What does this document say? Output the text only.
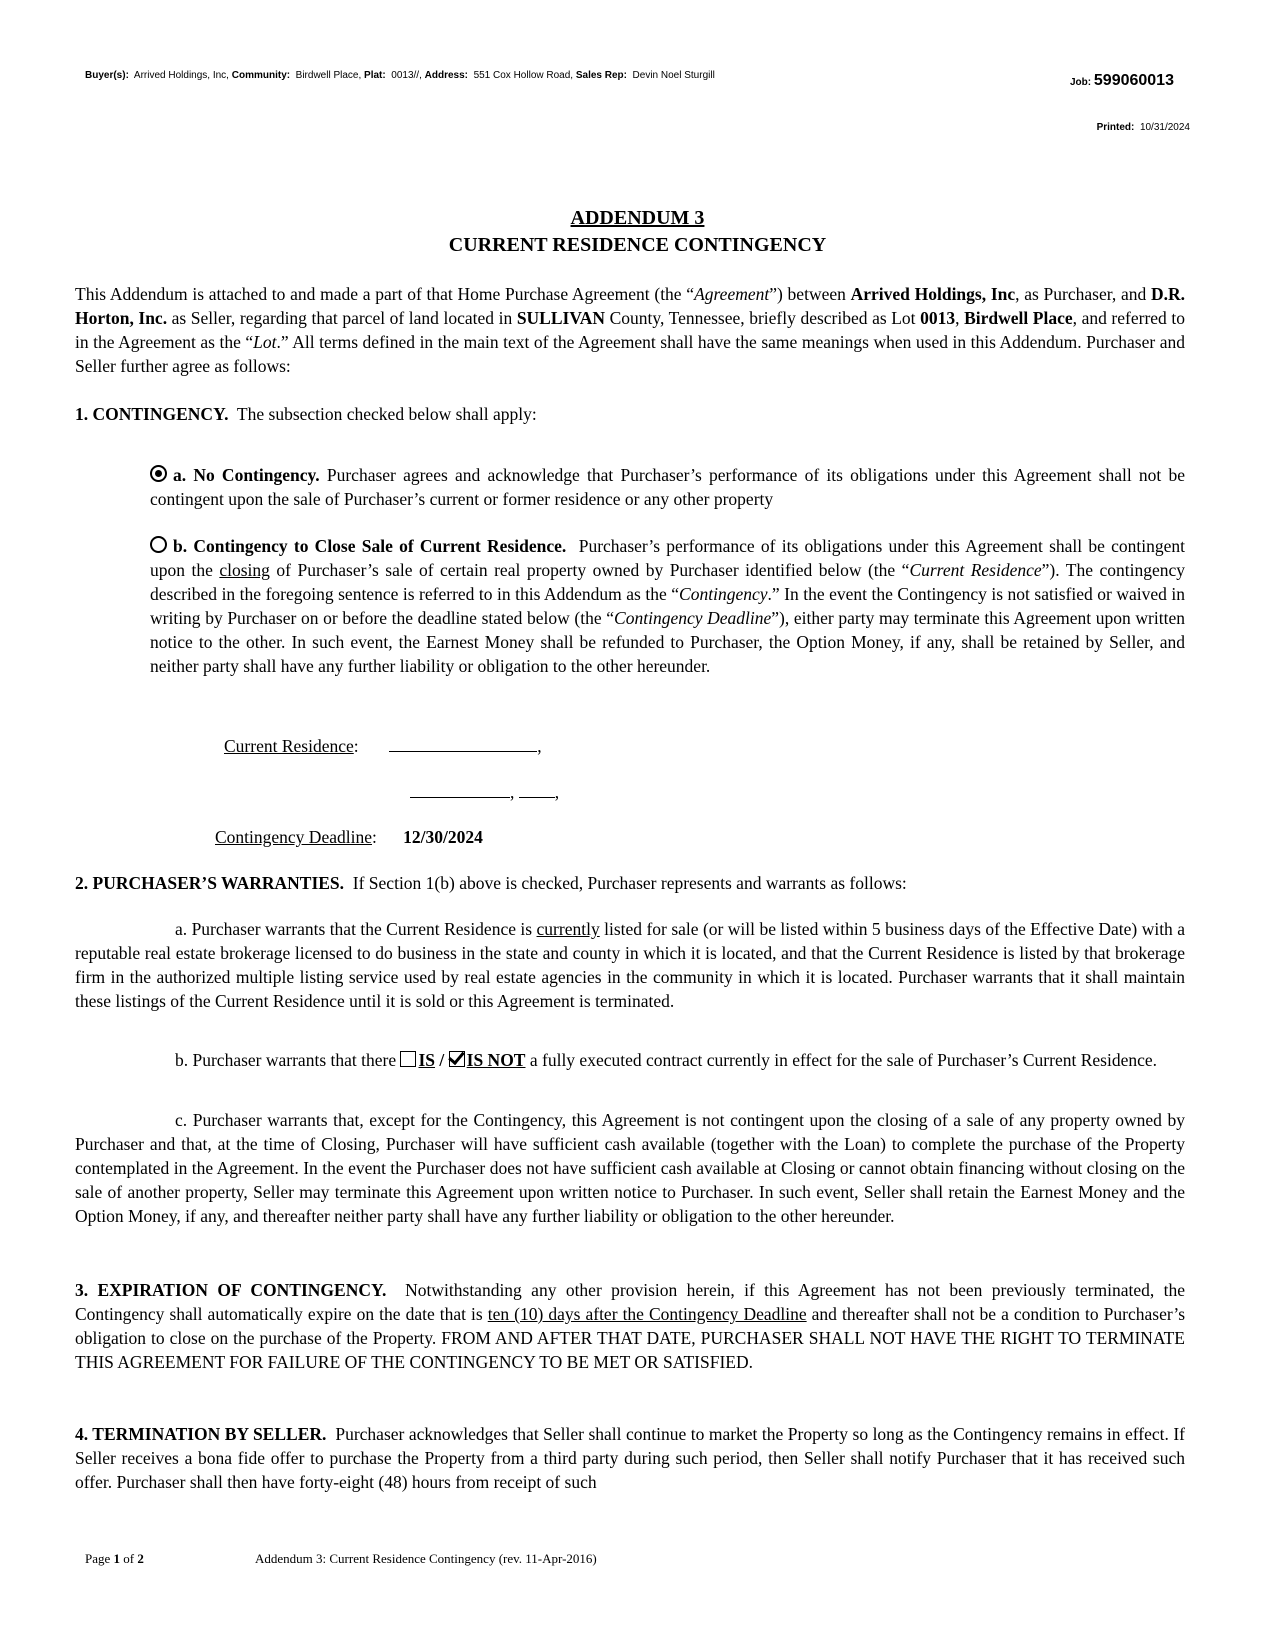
Buyer(s): Arrived Holdings, Inc, Community: Birdwell Place, Plat: 0013//, Address: 551 Cox Hollow Road, Sales Rep: Devin Noel Sturgill
Job: 599060013
Printed: 10/31/2024
ADDENDUM 3
CURRENT RESIDENCE CONTINGENCY
This Addendum is attached to and made a part of that Home Purchase Agreement (the “Agreement”) between Arrived Holdings, Inc, as Purchaser, and D.R. Horton, Inc. as Seller, regarding that parcel of land located in SULLIVAN County, Tennessee, briefly described as Lot 0013, Birdwell Place, and referred to in the Agreement as the “Lot.” All terms defined in the main text of the Agreement shall have the same meanings when used in this Addendum. Purchaser and Seller further agree as follows:
1. CONTINGENCY. The subsection checked below shall apply:
a. No Contingency. Purchaser agrees and acknowledge that Purchaser’s performance of its obligations under this Agreement shall not be contingent upon the sale of Purchaser’s current or former residence or any other property
b. Contingency to Close Sale of Current Residence. Purchaser’s performance of its obligations under this Agreement shall be contingent upon the closing of Purchaser’s sale of certain real property owned by Purchaser identified below (the “Current Residence”). The contingency described in the foregoing sentence is referred to in this Addendum as the “Contingency.” In the event the Contingency is not satisfied or waived in writing by Purchaser on or before the deadline stated below (the “Contingency Deadline”), either party may terminate this Agreement upon written notice to the other. In such event, the Earnest Money shall be refunded to Purchaser, the Option Money, if any, shall be retained by Seller, and neither party shall have any further liability or obligation to the other hereunder.
Current Residence:	,
, ,
Contingency Deadline:      12/30/2024
2. PURCHASER’S WARRANTIES. If Section 1(b) above is checked, Purchaser represents and warrants as follows:
a. Purchaser warrants that the Current Residence is currently listed for sale (or will be listed within 5 business days of the Effective Date) with a reputable real estate brokerage licensed to do business in the state and county in which it is located, and that the Current Residence is listed by that brokerage firm in the authorized multiple listing service used by real estate agencies in the community in which it is located. Purchaser warrants that it shall maintain these listings of the Current Residence until it is sold or this Agreement is terminated.
b. Purchaser warrants that there IS / IS NOT a fully executed contract currently in effect for the sale of Purchaser’s Current Residence.
c. Purchaser warrants that, except for the Contingency, this Agreement is not contingent upon the closing of a sale of any property owned by Purchaser and that, at the time of Closing, Purchaser will have sufficient cash available (together with the Loan) to complete the purchase of the Property contemplated in the Agreement. In the event the Purchaser does not have sufficient cash available at Closing or cannot obtain financing without closing on the sale of another property, Seller may terminate this Agreement upon written notice to Purchaser. In such event, Seller shall retain the Earnest Money and the Option Money, if any, and thereafter neither party shall have any further liability or obligation to the other hereunder.
3. EXPIRATION OF CONTINGENCY. Notwithstanding any other provision herein, if this Agreement has not been previously terminated, the Contingency shall automatically expire on the date that is ten (10) days after the Contingency Deadline and thereafter shall not be a condition to Purchaser’s obligation to close on the purchase of the Property. FROM AND AFTER THAT DATE, PURCHASER SHALL NOT HAVE THE RIGHT TO TERMINATE THIS AGREEMENT FOR FAILURE OF THE CONTINGENCY TO BE MET OR SATISFIED.
4. TERMINATION BY SELLER. Purchaser acknowledges that Seller shall continue to market the Property so long as the Contingency remains in effect. If Seller receives a bona fide offer to purchase the Property from a third party during such period, then Seller shall notify Purchaser that it has received such offer. Purchaser shall then have forty-eight (48) hours from receipt of such
Page 1 of 2	Addendum 3: Current Residence Contingency (rev. 11-Apr-2016)
